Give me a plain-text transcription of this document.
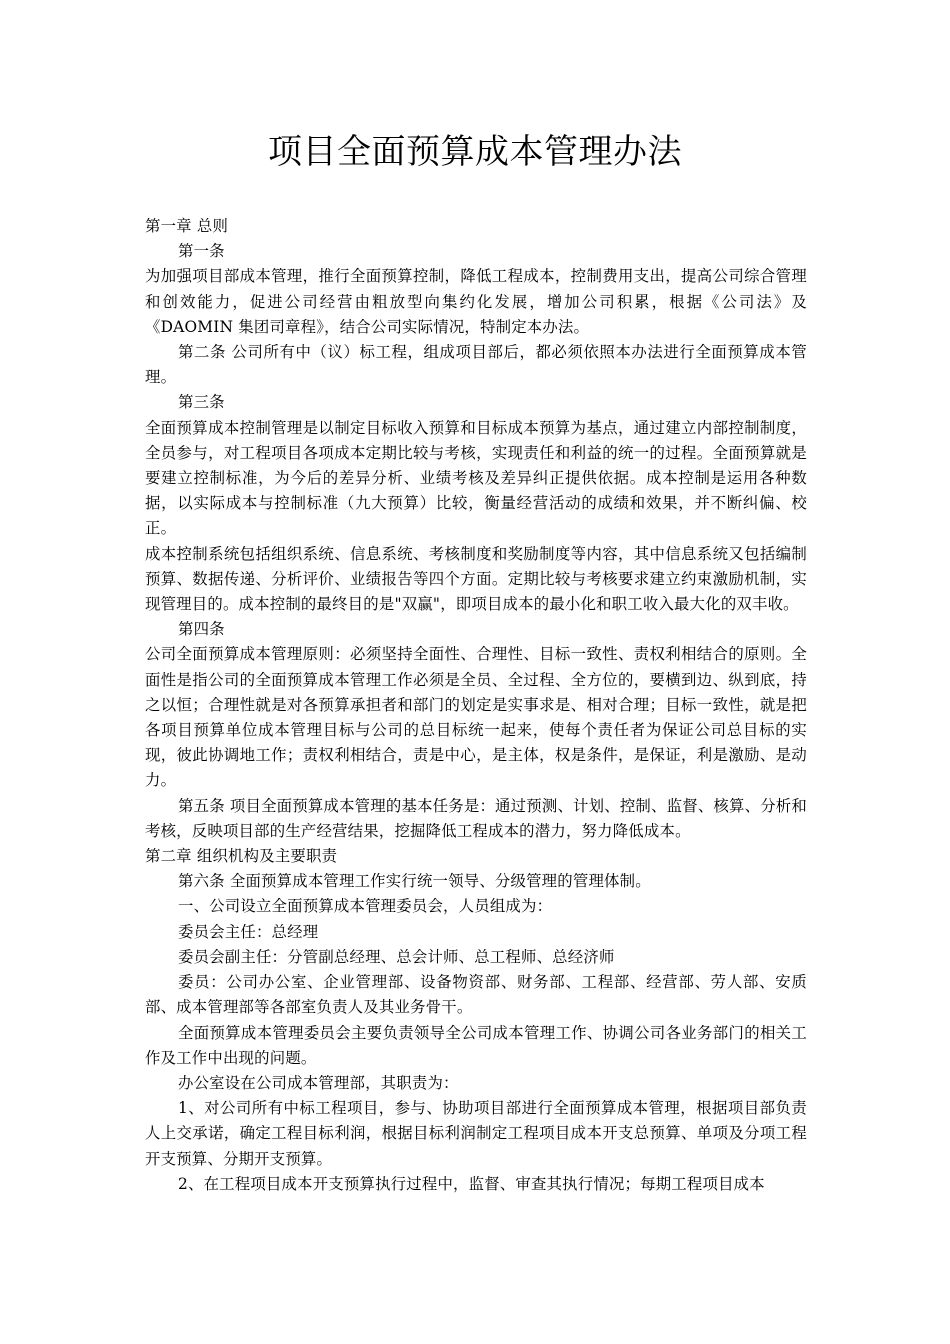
项目全面预算成本管理办法

第一章 总则

第一条

为加强项目部成本管理，推行全面预算控制，降低工程成本，控制费用支出，提高公司综合管理和创效能力，促进公司经营由粗放型向集约化发展，增加公司积累，根据《公司法》及《DAOMIN 集团司章程》，结合公司实际情况，特制定本办法。

第二条 公司所有中（议）标工程，组成项目部后，都必须依照本办法进行全面预算成本管理。

第三条

全面预算成本控制管理是以制定目标收入预算和目标成本预算为基点，通过建立内部控制制度，全员参与，对工程项目各项成本定期比较与考核，实现责任和利益的统一的过程。全面预算就是要建立控制标准，为今后的差异分析、业绩考核及差异纠正提供依据。成本控制是运用各种数据，以实际成本与控制标准（九大预算）比较，衡量经营活动的成绩和效果，并不断纠偏、校正。

成本控制系统包括组织系统、信息系统、考核制度和奖励制度等内容，其中信息系统又包括编制预算、数据传递、分析评价、业绩报告等四个方面。定期比较与考核要求建立约束激励机制，实现管理目的。成本控制的最终目的是"双赢"，即项目成本的最小化和职工收入最大化的双丰收。

第四条

公司全面预算成本管理原则：必须坚持全面性、合理性、目标一致性、责权利相结合的原则。全面性是指公司的全面预算成本管理工作必须是全员、全过程、全方位的，要横到边、纵到底，持之以恒；合理性就是对各预算承担者和部门的划定是实事求是、相对合理；目标一致性，就是把各项目预算单位成本管理目标与公司的总目标统一起来，使每个责任者为保证公司总目标的实现，彼此协调地工作；责权利相结合，责是中心，是主体，权是条件，是保证，利是激励、是动力。

第五条 项目全面预算成本管理的基本任务是：通过预测、计划、控制、监督、核算、分析和考核，反映项目部的生产经营结果，挖掘降低工程成本的潜力，努力降低成本。

第二章 组织机构及主要职责

第六条 全面预算成本管理工作实行统一领导、分级管理的管理体制。

一、公司设立全面预算成本管理委员会，人员组成为：

委员会主任：总经理

委员会副主任：分管副总经理、总会计师、总工程师、总经济师

委员：公司办公室、企业管理部、设备物资部、财务部、工程部、经营部、劳人部、安质部、成本管理部等各部室负责人及其业务骨干。

全面预算成本管理委员会主要负责领导全公司成本管理工作、协调公司各业务部门的相关工作及工作中出现的问题。

办公室设在公司成本管理部，其职责为：

1、对公司所有中标工程项目，参与、协助项目部进行全面预算成本管理，根据项目部负责人上交承诺，确定工程目标利润，根据目标利润制定工程项目成本开支总预算、单项及分项工程开支预算、分期开支预算。

2、在工程项目成本开支预算执行过程中，监督、审查其执行情况；每期工程项目成本
